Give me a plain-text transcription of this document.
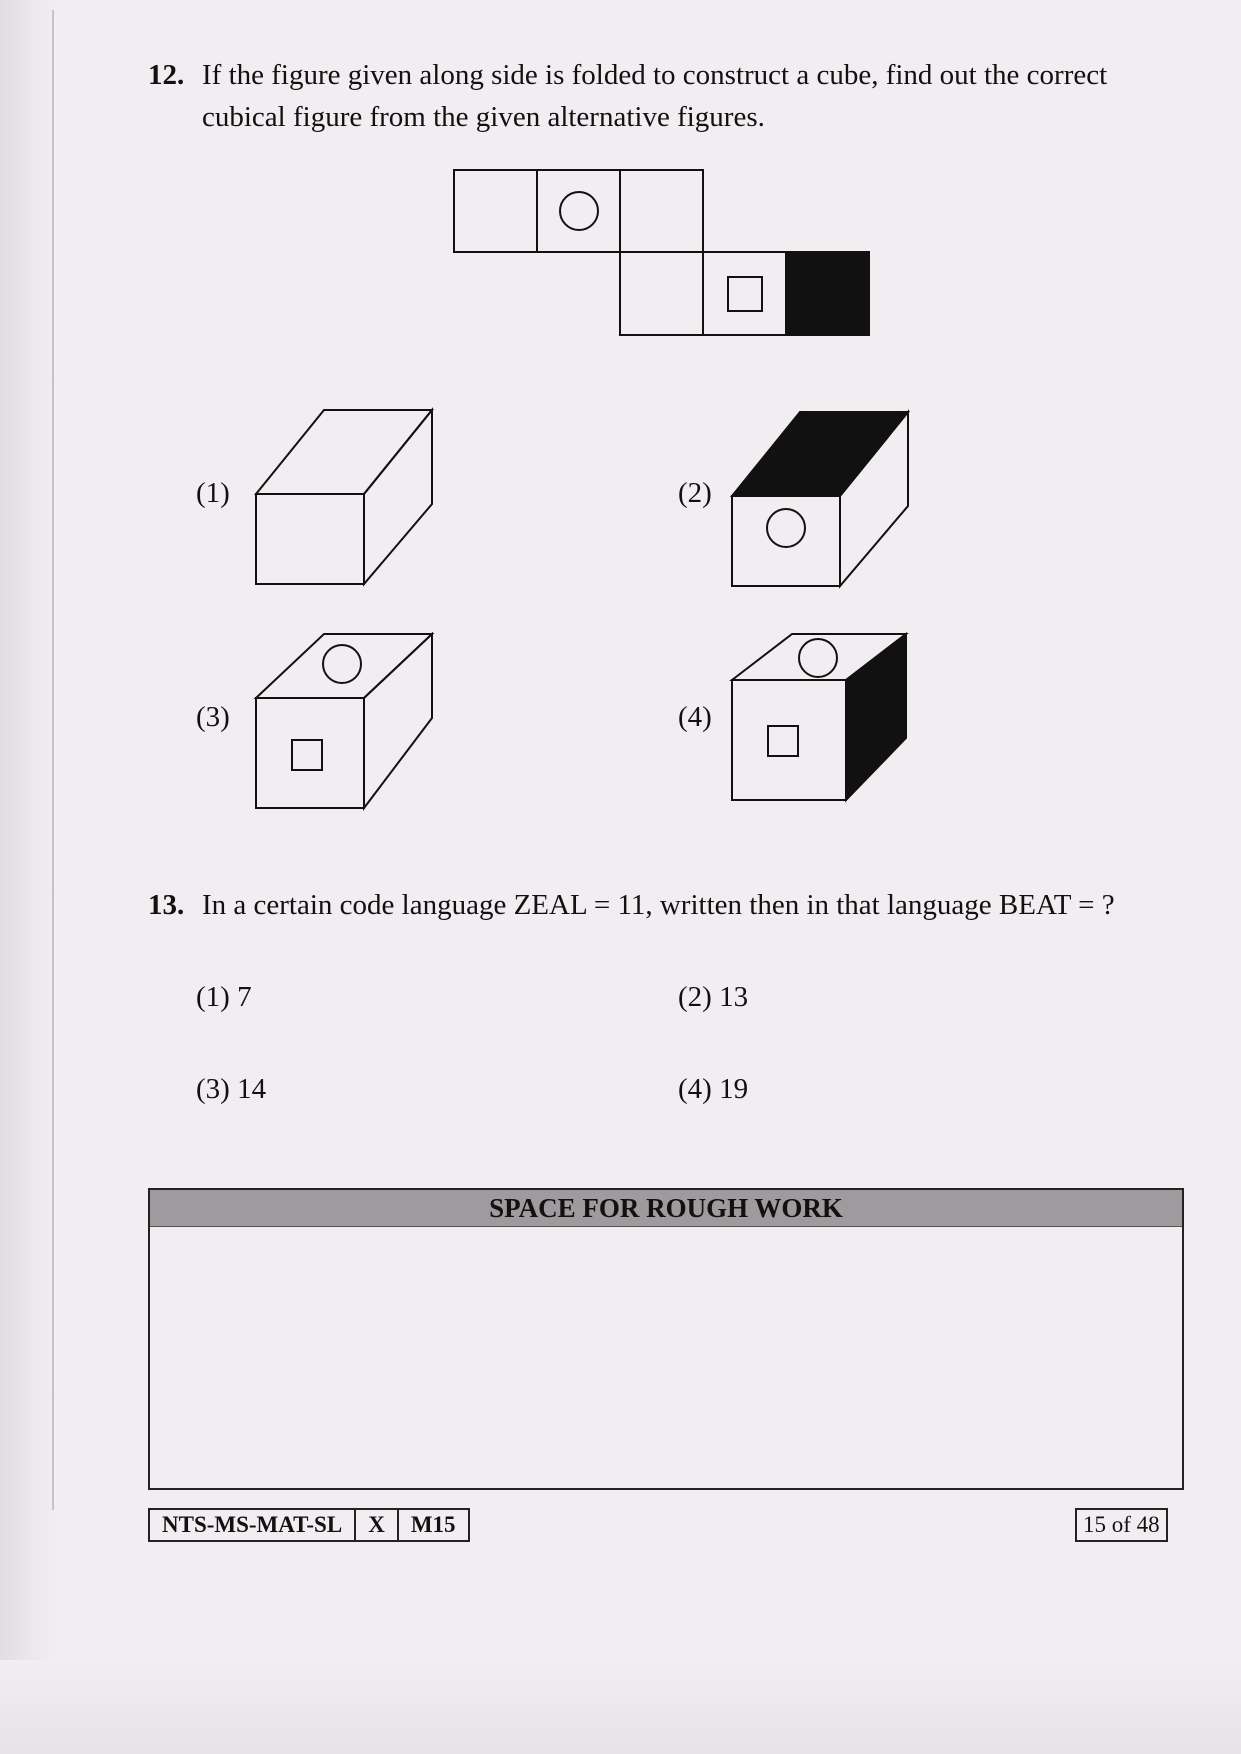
12. If the figure given along side is folded to construct a cube, find out the correct
cubical figure from the given alternative figures.
(1)	(2)
(3)	(4)
13. In a certain code language ZEAL = 11, written then in that language BEAT = ?
(1) 7	(2) 13
(3) 14	(4) 19
SPACE FOR ROUGH WORK
NTS-MS-MAT-SL	X	M15	15 of 48
